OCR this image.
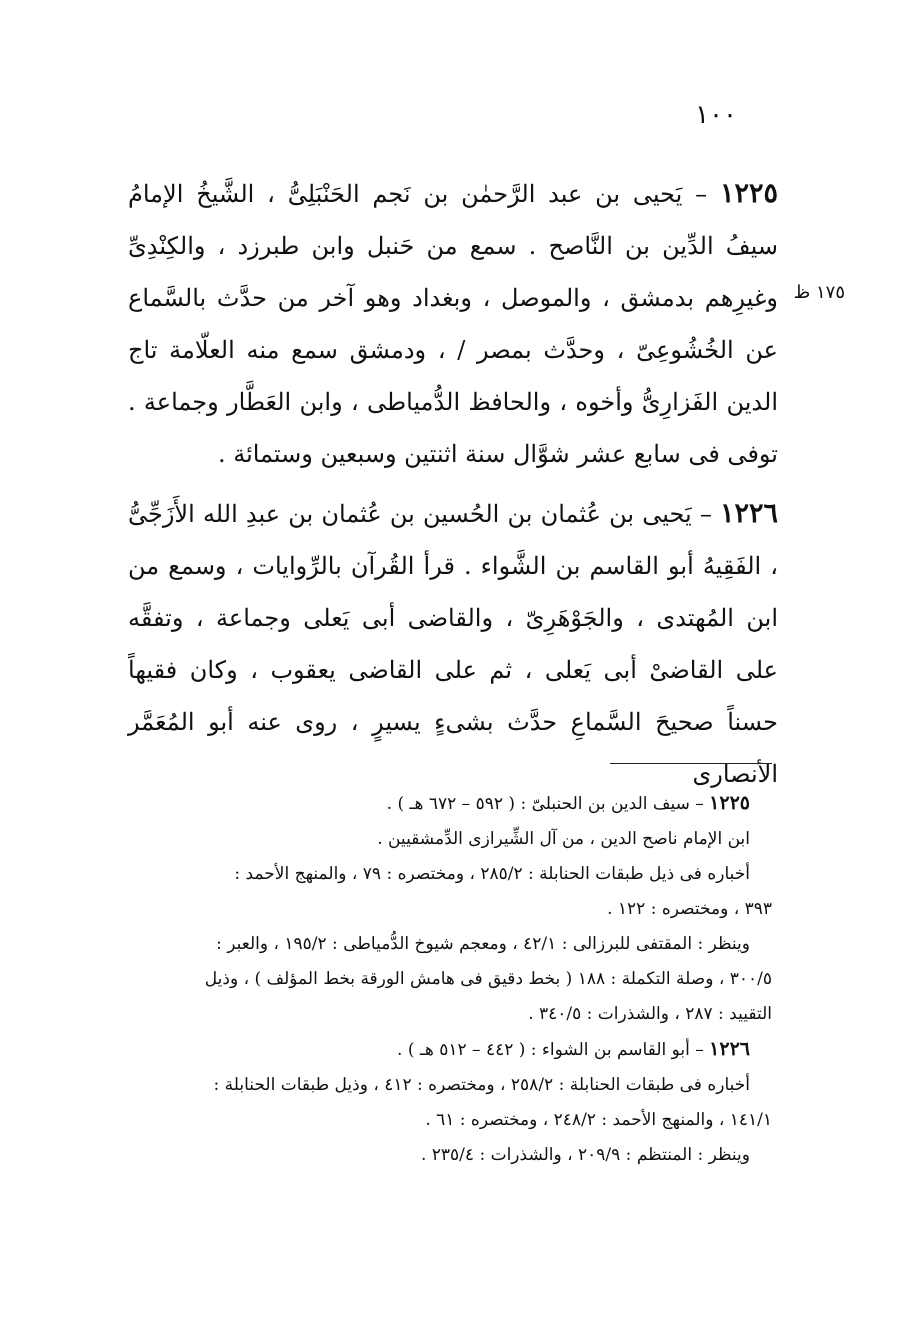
١٠٠
١٧٥ ظ

١٢٢٥ – يَحيى بن عبد الرَّحمٰن بن نَجم الحَنْبَلِىُّ ، الشَّيخُ الإمامُ سيفُ الدِّين بن النَّاصح . سمع من حَنبل وابن طبرزد ، والكِنْدِىِّ وغيرِهم بدمشق ، والموصل ، وبغداد وهو آخر من حدَّث بالسَّماع عن الخُشُوعِىّ ، وحدَّث بمصر / ، ودمشق سمع منه العلّامة تاج الدين الفَزارِىُّ وأخوه ، والحافظ الدُّمياطى ، وابن العَطَّار وجماعة . توفى فى سابع عشر شوَّال سنة اثنتين وسبعين وستمائة .

١٢٢٦ – يَحيى بن عُثمان بن الحُسين بن عُثمان بن عبدِ الله الأَزَجِّىُّ ، الفَقِيهُ أبو القاسم بن الشَّواء . قرأ القُرآن بالرِّوايات ، وسمع من ابن المُهتدى ، والجَوْهَرِىّ ، والقاضى أبى يَعلى وجماعة ، وتفقَّه على القاضىْ أبى يَعلى ، ثم على القاضى يعقوب ، وكان فقيهاً حسناً صحيحَ السَّماعِ حدَّث بشىءٍ يسيرٍ ، روى عنه أبو المُعَمَّر الأنصارى

١٢٢٥ – سيف الدين بن الحنبلىّ : ( ٥٩٢ – ٦٧٢ هـ ) .

ابن الإمام ناصح الدين ، من آل الشِّيرازى الدِّمشقيين .

أخباره فى ذيل طبقات الحنابلة : ٢٨٥/٢ ، ومختصره : ٧٩ ، والمنهج الأحمد :

٣٩٣ ، ومختصره : ١٢٢ .

وينظر : المقتفى للبرزالى : ٤٢/١ ، ومعجم شيوخ الدُّمياطى : ١٩٥/٢ ، والعبر :

٣٠٠/٥ ، وصلة التكملة : ١٨٨ ( بخط دقيق فى هامش الورقة بخط المؤلف ) ، وذيل

التقييد : ٢٨٧ ، والشذرات : ٣٤٠/٥ .

١٢٢٦ – أبو القاسم بن الشواء : ( ٤٤٢ – ٥١٢ هـ ) .

أخباره فى طبقات الحنابلة : ٢٥٨/٢ ، ومختصره : ٤١٢ ، وذيل طبقات الحنابلة :

١٤١/١ ، والمنهج الأحمد : ٢٤٨/٢ ، ومختصره : ٦١ .

وينظر : المنتظم : ٢٠٩/٩ ، والشذرات : ٢٣٥/٤ .
